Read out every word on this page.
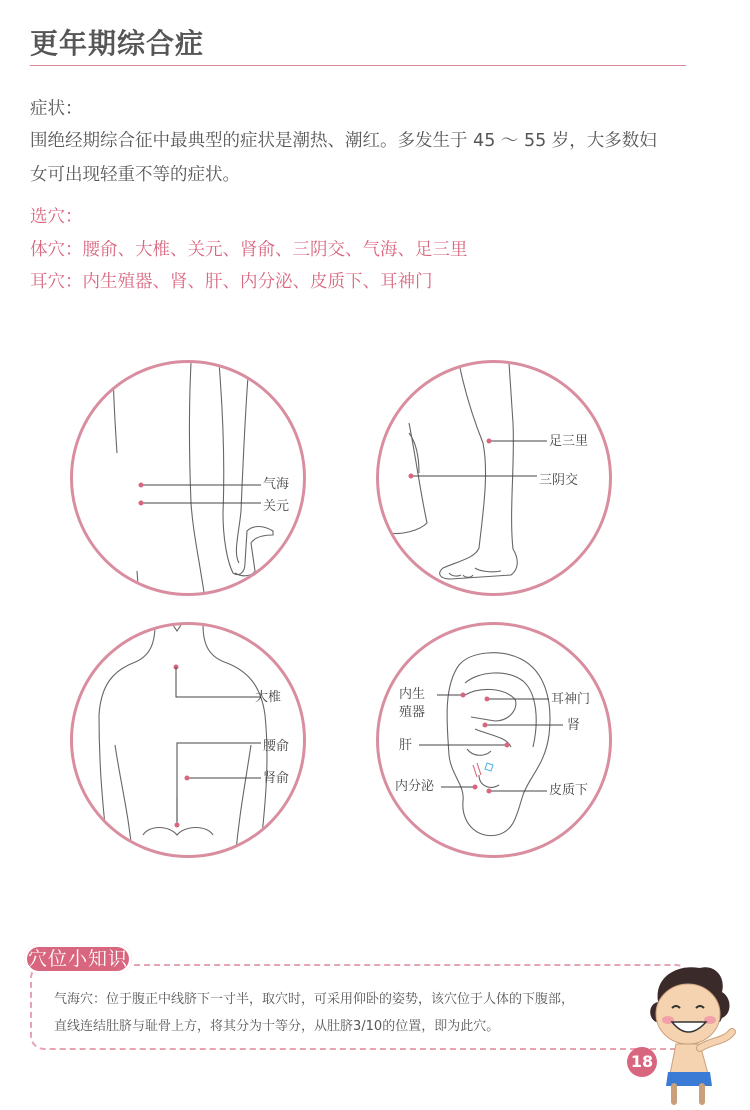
更年期综合症
症状：
围绝经期综合征中最典型的症状是潮热、潮红。多发生于 45 ～ 55 岁，大多数妇
女可出现轻重不等的症状。
选穴：
体穴：腰俞、大椎、关元、肾俞、三阴交、气海、足三里
耳穴：内生殖器、肾、肝、内分泌、皮质下、耳神门
气海
关元
足三里
三阴交
大椎
腰俞
肾俞
内生
殖器
耳神门
肾
肝
内分泌	皮质下
穴位小知识
气海穴：位于腹正中线脐下一寸半，取穴时，可采用仰卧的姿势，该穴位于人体的下腹部，
直线连结肚脐与耻骨上方，将其分为十等分，从肚脐3/10的位置，即为此穴。
18
